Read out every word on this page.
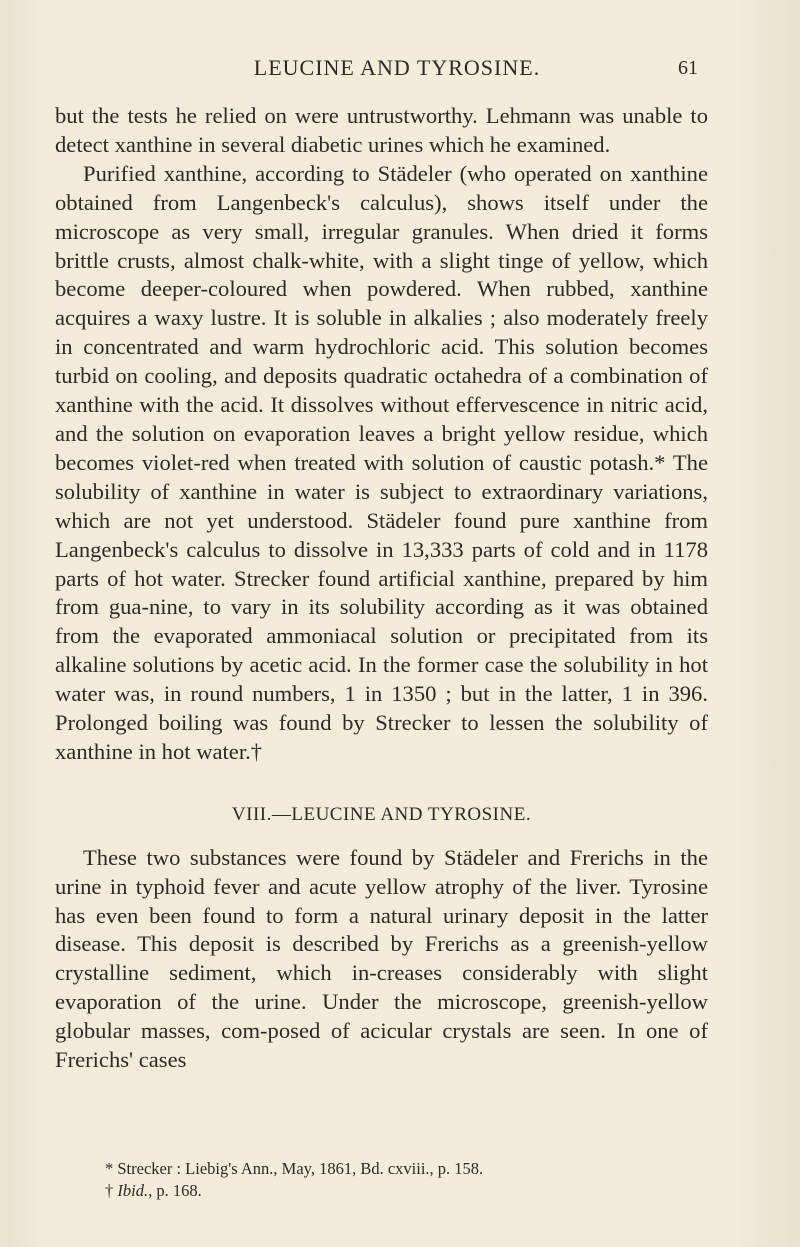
LEUCINE AND TYROSINE.	61

but the tests he relied on were untrustworthy. Lehmann was unable to detect xanthine in several diabetic urines which he examined.

Purified xanthine, according to Städeler (who operated on xanthine obtained from Langenbeck's calculus), shows itself under the microscope as very small, irregular granules. When dried it forms brittle crusts, almost chalk-white, with a slight tinge of yellow, which become deeper-coloured when powdered. When rubbed, xanthine acquires a waxy lustre. It is soluble in alkalies ; also moderately freely in concentrated and warm hydrochloric acid. This solution becomes turbid on cooling, and deposits quadratic octahedra of a combination of xanthine with the acid. It dissolves without effervescence in nitric acid, and the solution on evaporation leaves a bright yellow residue, which becomes violet-red when treated with solution of caustic potash.* The solubility of xanthine in water is subject to extraordinary variations, which are not yet understood. Städeler found pure xanthine from Langenbeck's calculus to dissolve in 13,333 parts of cold and in 1178 parts of hot water. Strecker found artificial xanthine, prepared by him from gua-nine, to vary in its solubility according as it was obtained from the evaporated ammoniacal solution or precipitated from its alkaline solutions by acetic acid. In the former case the solubility in hot water was, in round numbers, 1 in 1350 ; but in the latter, 1 in 396. Prolonged boiling was found by Strecker to lessen the solubility of xanthine in hot water.†

VIII.—LEUCINE AND TYROSINE.

These two substances were found by Städeler and Frerichs in the urine in typhoid fever and acute yellow atrophy of the liver. Tyrosine has even been found to form a natural urinary deposit in the latter disease. This deposit is described by Frerichs as a greenish-yellow crystalline sediment, which in-creases considerably with slight evaporation of the urine. Under the microscope, greenish-yellow globular masses, com-posed of acicular crystals are seen. In one of Frerichs' cases

* Strecker : Liebig's Ann., May, 1861, Bd. cxviii., p. 158.

† Ibid., p. 168.
